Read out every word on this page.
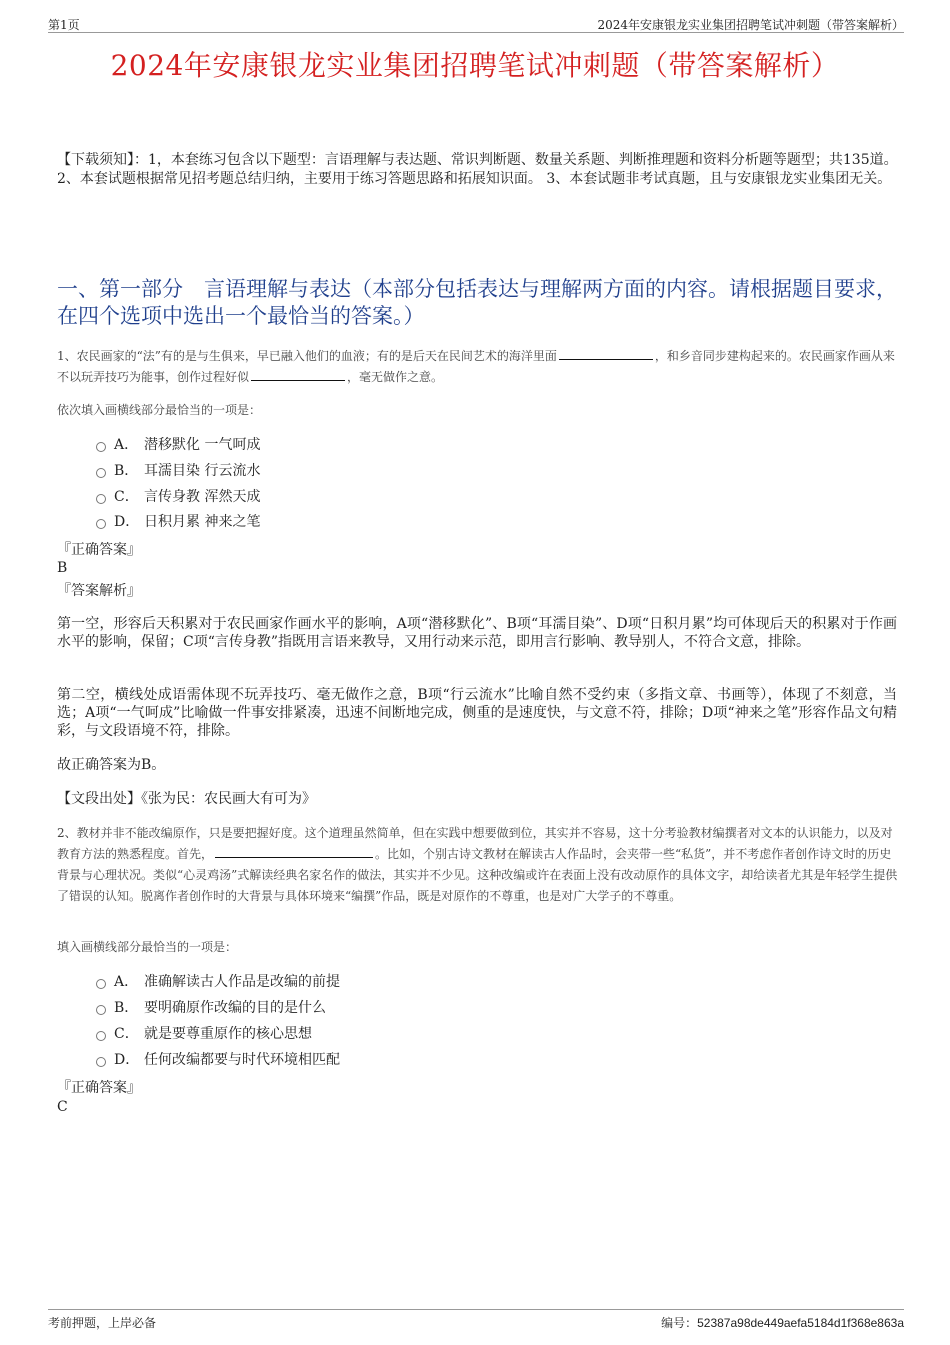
第1页	2024年安康银龙实业集团招聘笔试冲刺题（带答案解析）
2024年安康银龙实业集团招聘笔试冲刺题（带答案解析）
【下载须知】：1，本套练习包含以下题型：言语理解与表达题、常识判断题、数量关系题、判断推理题和资料分析题等题型；共135道。 2、本套试题根据常见招考题总结归纳，主要用于练习答题思路和拓展知识面。 3、本套试题非考试真题，且与安康银龙实业集团无关。
一、第一部分　言语理解与表达（本部分包括表达与理解两方面的内容。请根据题目要求，在四个选项中选出一个最恰当的答案。）
1、农民画家的“法”有的是与生俱来，早已融入他们的血液；有的是后天在民间艺术的海洋里面	，和乡音同步建构起来的。农民画家作画从来不以玩弄技巧为能事，创作过程好似	，毫无做作之意。
依次填入画横线部分最恰当的一项是：
A． 潜移默化 一气呵成
B． 耳濡目染 行云流水
C． 言传身教 浑然天成
D． 日积月累 神来之笔
『正确答案』
B
『答案解析』
第一空，形容后天积累对于农民画家作画水平的影响，A项“潜移默化”、B项“耳濡目染”、D项“日积月累”均可体现后天的积累对于作画水平的影响，保留；C项“言传身教”指既用言语来教导，又用行动来示范，即用言行影响、教导别人，不符合文意，排除。
第二空，横线处成语需体现不玩弄技巧、毫无做作之意，B项“行云流水”比喻自然不受约束（多指文章、书画等），体现了不刻意，当选；A项“一气呵成”比喻做一件事安排紧凑，迅速不间断地完成，侧重的是速度快，与文意不符，排除；D项“神来之笔”形容作品文句精彩，与文段语境不符，排除。
故正确答案为B。
【文段出处】《张为民：农民画大有可为》
2、教材并非不能改编原作，只是要把握好度。这个道理虽然简单，但在实践中想要做到位，其实并不容易，这十分考验教材编撰者对文本的认识能力，以及对教育方法的熟悉程度。首先，	。比如，个别古诗文教材在解读古人作品时，会夹带一些“私货”，并不考虑作者创作诗文时的历史背景与心理状况。类似“心灵鸡汤”式解读经典名家名作的做法，其实并不少见。这种改编或许在表面上没有改动原作的具体文字，却给读者尤其是年轻学生提供了错误的认知。脱离作者创作时的大背景与具体环境来“编撰”作品，既是对原作的不尊重，也是对广大学子的不尊重。
填入画横线部分最恰当的一项是：
A． 准确解读古人作品是改编的前提
B． 要明确原作改编的目的是什么
C． 就是要尊重原作的核心思想
D． 任何改编都要与时代环境相匹配
『正确答案』
C
考前押题，上岸必备	编号：52387a98de449aefa5184d1f368e863a
